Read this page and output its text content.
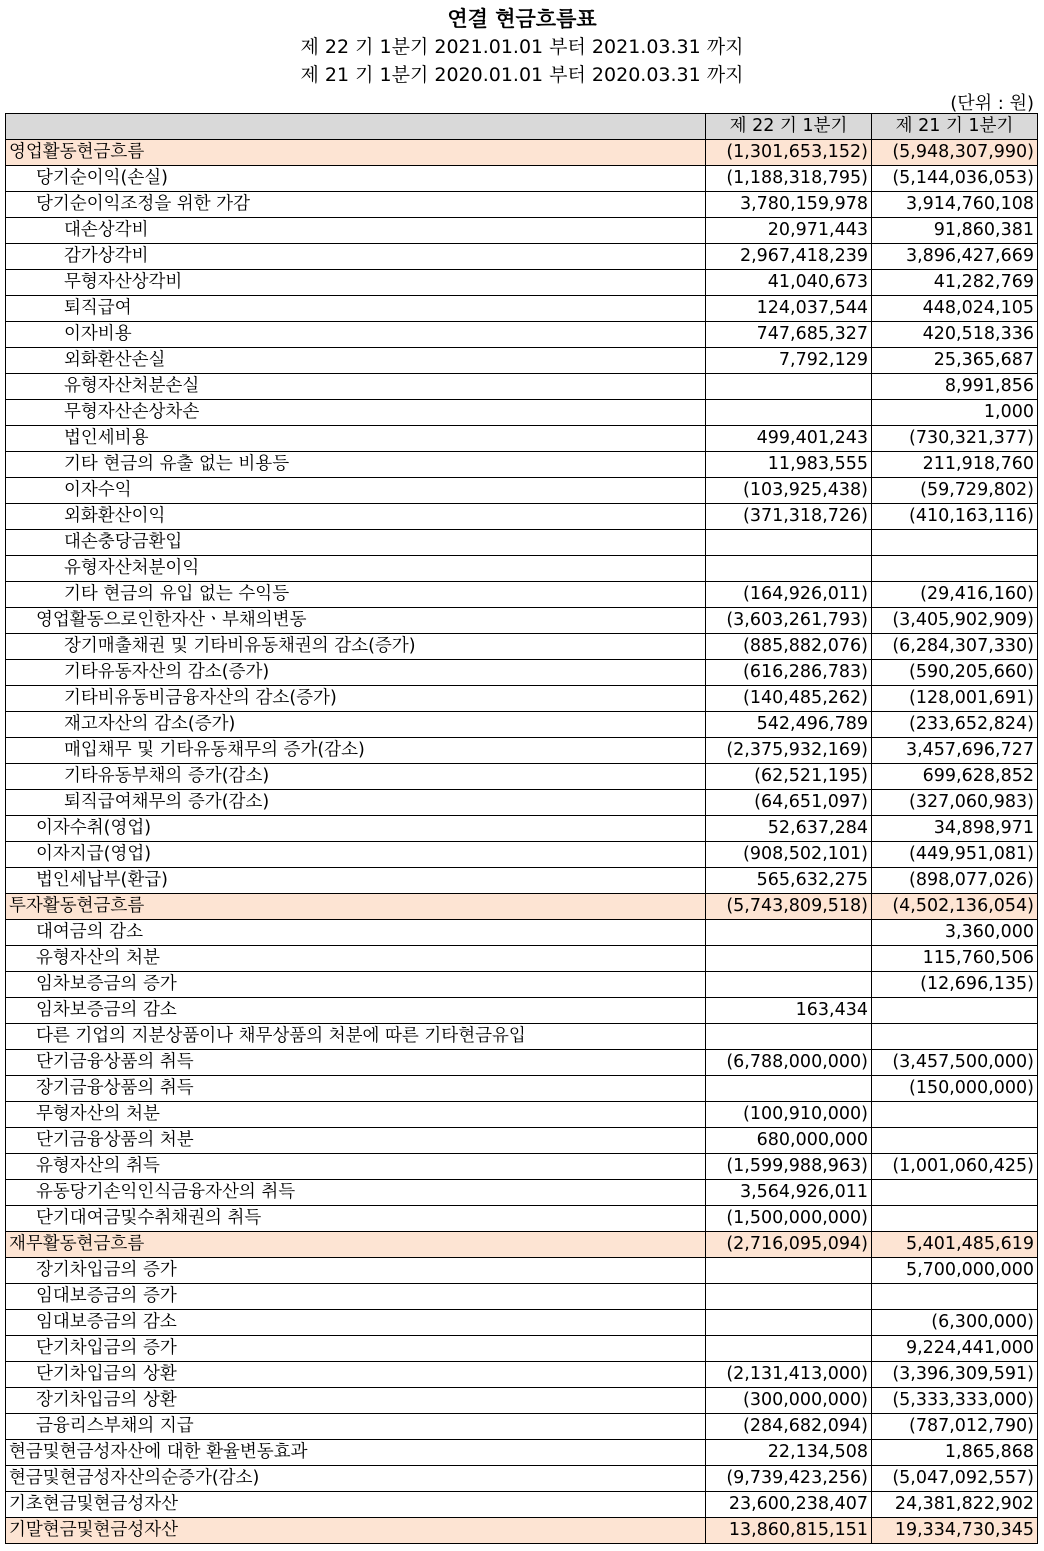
연결 현금흐름표
제 22 기 1분기 2021.01.01 부터 2021.03.31 까지
제 21 기 1분기 2020.01.01 부터 2020.03.31 까지
(단위 : 원)
	제 22 기 1분기	제 21 기 1분기
영업활동현금흐름	(1,301,653,152)	(5,948,307,990)
당기순이익(손실)	(1,188,318,795)	(5,144,036,053)
당기순이익조정을 위한 가감	3,780,159,978	3,914,760,108
대손상각비	20,971,443	91,860,381
감가상각비	2,967,418,239	3,896,427,669
무형자산상각비	41,040,673	41,282,769
퇴직급여	124,037,544	448,024,105
이자비용	747,685,327	420,518,336
외화환산손실	7,792,129	25,365,687
유형자산처분손실		8,991,856
무형자산손상차손		1,000
법인세비용	499,401,243	(730,321,377)
기타 현금의 유출 없는 비용등	11,983,555	211,918,760
이자수익	(103,925,438)	(59,729,802)
외화환산이익	(371,318,726)	(410,163,116)
대손충당금환입		
유형자산처분이익		
기타 현금의 유입 없는 수익등	(164,926,011)	(29,416,160)
영업활동으로인한자산ㆍ부채의변동	(3,603,261,793)	(3,405,902,909)
장기매출채권 및 기타비유동채권의 감소(증가)	(885,882,076)	(6,284,307,330)
기타유동자산의 감소(증가)	(616,286,783)	(590,205,660)
기타비유동비금융자산의 감소(증가)	(140,485,262)	(128,001,691)
재고자산의 감소(증가)	542,496,789	(233,652,824)
매입채무 및 기타유동채무의 증가(감소)	(2,375,932,169)	3,457,696,727
기타유동부채의 증가(감소)	(62,521,195)	699,628,852
퇴직급여채무의 증가(감소)	(64,651,097)	(327,060,983)
이자수취(영업)	52,637,284	34,898,971
이자지급(영업)	(908,502,101)	(449,951,081)
법인세납부(환급)	565,632,275	(898,077,026)
투자활동현금흐름	(5,743,809,518)	(4,502,136,054)
대여금의 감소		3,360,000
유형자산의 처분		115,760,506
임차보증금의 증가		(12,696,135)
임차보증금의 감소	163,434	
다른 기업의 지분상품이나 채무상품의 처분에 따른 기타현금유입		
단기금융상품의 취득	(6,788,000,000)	(3,457,500,000)
장기금융상품의 취득		(150,000,000)
무형자산의 처분	(100,910,000)	
단기금융상품의 처분	680,000,000	
유형자산의 취득	(1,599,988,963)	(1,001,060,425)
유동당기손익인식금융자산의 취득	3,564,926,011	
단기대여금및수취채권의 취득	(1,500,000,000)	
재무활동현금흐름	(2,716,095,094)	5,401,485,619
장기차입금의 증가		5,700,000,000
임대보증금의 증가		
임대보증금의 감소		(6,300,000)
단기차입금의 증가		9,224,441,000
단기차입금의 상환	(2,131,413,000)	(3,396,309,591)
장기차입금의 상환	(300,000,000)	(5,333,333,000)
금융리스부채의 지급	(284,682,094)	(787,012,790)
현금및현금성자산에 대한 환율변동효과	22,134,508	1,865,868
현금및현금성자산의순증가(감소)	(9,739,423,256)	(5,047,092,557)
기초현금및현금성자산	23,600,238,407	24,381,822,902
기말현금및현금성자산	13,860,815,151	19,334,730,345
